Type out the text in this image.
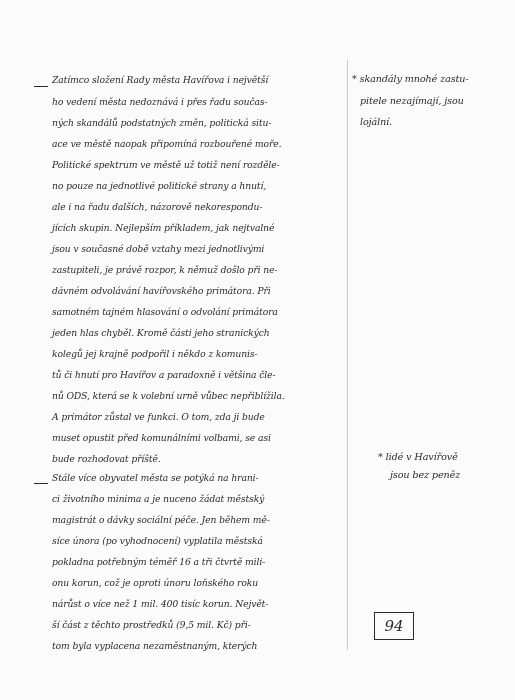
Zatímco složení Rady města Havířova i největší
ho vedení města nedoznává i přes řadu součas-
ných skandálů podstatných změn, politická situ-
ace ve městě naopak připomíná rozbouřené moře.
Politické spektrum ve městě už totiž není rozděle-
no pouze na jednotlivé politické strany a hnutí,
ale i na řadu dalších, názorově nekorespondu-
jících skupin. Nejlepším příkladem, jak nejtvalné
jsou v současné době vztahy mezi jednotlivými
zastupiteli, je právě rozpor, k němuž došlo při ne-
dávném odvolávání havířovského primátora. Při
samotném tajném hlasování o odvolání primátora
jeden hlas chyběl. Kromě části jeho stranických
kolegů jej krajně podpořil i někdo z komunis-
tů či hnutí pro Havířov a paradoxně i většina čle-
nů ODS, která se k volební urně vůbec nepřiblížila.
A primátor zůstal ve funkci. O tom, zda ji bude
muset opustit před komunálními volbami, se asi
bude rozhodovat příště.
Stále více obyvatel města se potýká na hrani-
ci životního minima a je nuceno žádat městský
magistrát o dávky sociální péče. Jen během mě-
síce února (po vyhodnocení) vyplatila městská
pokladna potřebným téměř 16 a tři čtvrtě mili-
onu korun, což je oproti únoru loňského roku
nárůst o více než 1 mil. 400 tisíc korun. Největ-
ší část z těchto prostředků (9,5 mil. Kč) při-
tom byla vyplacena nezaměstnaným, kterých
* skandály mnohé zastu-
pitele nezajímají, jsou
lojální.
* lidé v Havířově
jsou bez peněz
94
